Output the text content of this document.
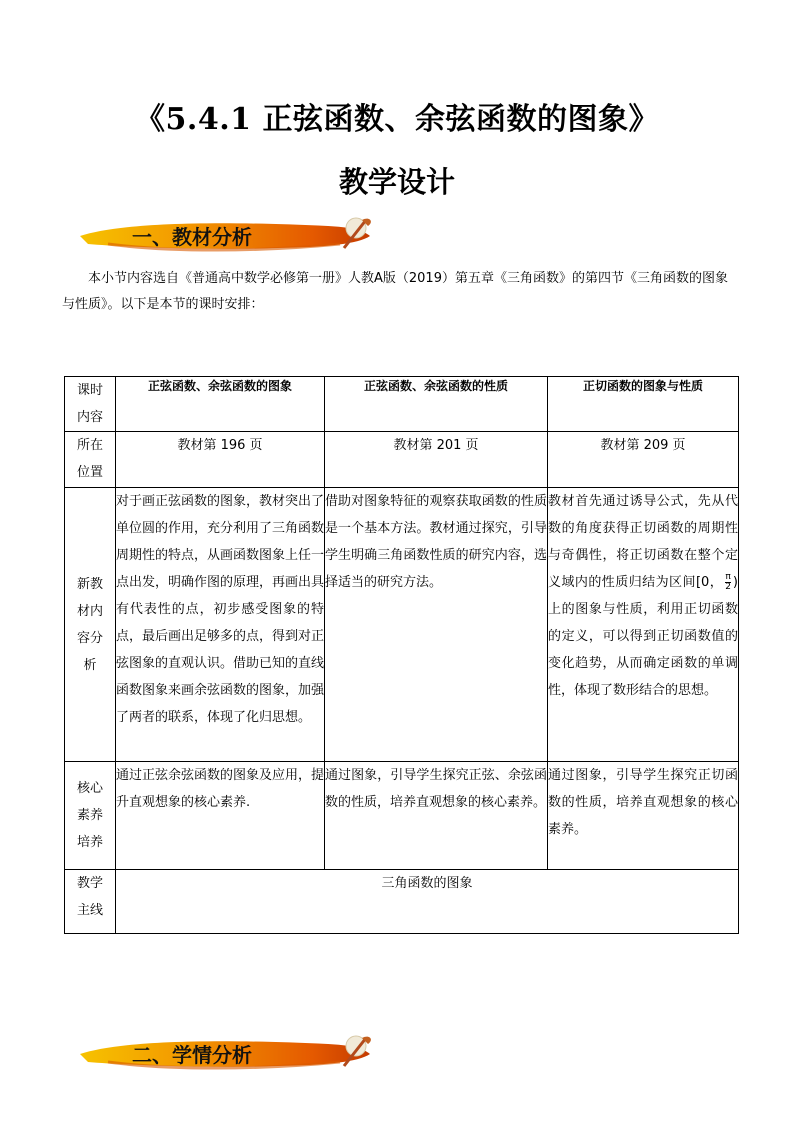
《5.4.1 正弦函数、余弦函数的图象》
教学设计
一、教材分析

本小节内容选自《普通高中数学必修第一册》人教A版（2019）第五章《三角函数》的第四节《三角函数的图象与性质》。以下是本节的课时安排：

课时内容	正弦函数、余弦函数的图象	正弦函数、余弦函数的性质	正切函数的图象与性质

所在位置	教材第 196 页	教材第 201 页	教材第 209 页

新教材内容分析	对于画正弦函数的图象，教材突出了单位圆的作用，充分利用了三角函数周期性的特点，从画函数图象上任一点出发，明确作图的原理，再画出具有代表性的点，初步感受图象的特点，最后画出足够多的点，得到对正弦图象的直观认识。借助已知的直线函数图象来画余弦函数的图象，加强了两者的联系，体现了化归思想。	借助对图象特征的观察获取函数的性质是一个基本方法。教材通过探究，引导学生明确三角函数性质的研究内容，选择适当的研究方法。	教材首先通过诱导公式，先从代数的角度获得正切函数的周期性与奇偶性，将正切函数在整个定义域内的性质归结为区间[0， $\frac{\pi}{2}$ )上的图象与性质，利用正切函数的定义，可以得到正切函数值的变化趋势，从而确定函数的单调性，体现了数形结合的思想。

核心素养培养	通过正弦余弦函数的图象及应用，提升直观想象的核心素养.	通过图象，引导学生探究正弦、余弦函数的性质，培养直观想象的核心素养。	通过图象，引导学生探究正切函数的性质，培养直观想象的核心素养。

教学主线	三角函数的图象		
二、学情分析
